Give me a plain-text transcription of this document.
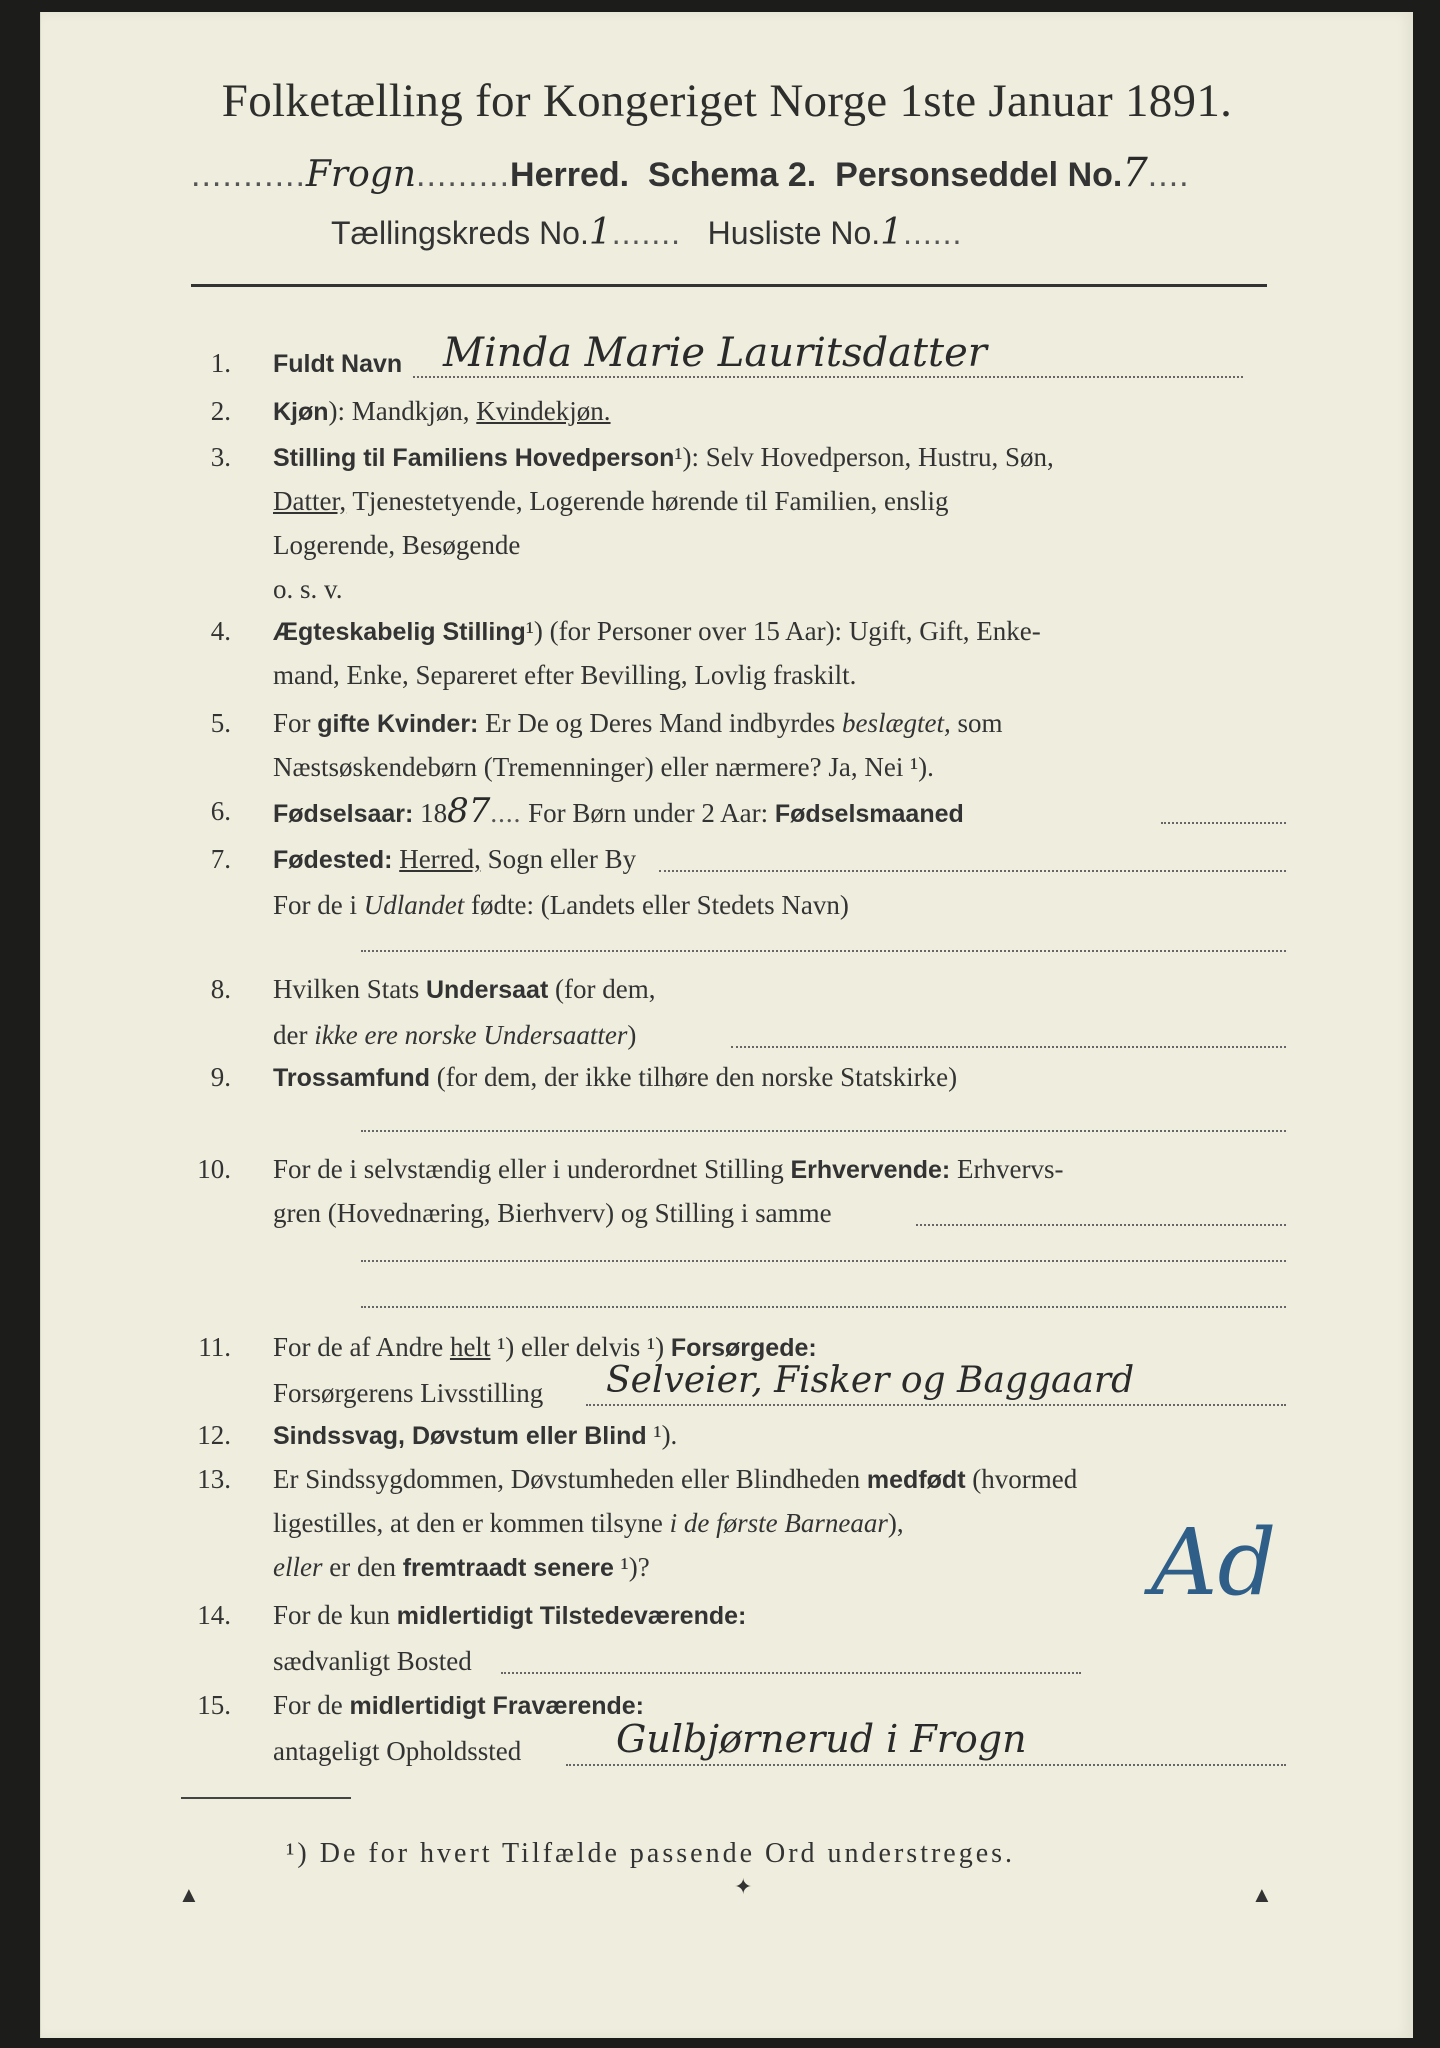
Folketælling for Kongeriget Norge 1ste Januar 1891.
...........Frogn.........Herred. Schema 2. Personseddel No.7....
Tællingskreds No.1....... Husliste No.1......
1. Fuldt Navn	Minda Marie Lauritsdatter
2. Kjøn): Mandkjøn, Kvindekjøn.
3. Stilling til Familiens Hovedperson¹): Selv Hovedperson, Hustru, Søn,
Datter, Tjenestetyende, Logerende hørende til Familien, enslig
Logerende, Besøgende
o. s. v.
4. Ægteskabelig Stilling¹) (for Personer over 15 Aar): Ugift, Gift, Enke-
mand, Enke, Separeret efter Bevilling, Lovlig fraskilt.
5. For gifte Kvinder: Er De og Deres Mand indbyrdes beslægtet, som
Næstsøskendebørn (Tremenninger) eller nærmere? Ja, Nei ¹).
6. Fødselsaar: 1887.... For Børn under 2 Aar: Fødselsmaaned
7. Fødested: Herred, Sogn eller By
For de i Udlandet fødte: (Landets eller Stedets Navn)
8. Hvilken Stats Undersaat (for dem,
der ikke ere norske Undersaatter)
9. Trossamfund (for dem, der ikke tilhøre den norske Statskirke)
10. For de i selvstændig eller i underordnet Stilling Erhvervende: Erhvervs-
gren (Hovednæring, Bierhverv) og Stilling i samme
11. For de af Andre helt ¹) eller delvis ¹) Forsørgede:
Forsørgerens Livsstilling	Selveier, Fisker og Baggaard
12. Sindssvag, Døvstum eller Blind ¹).
13. Er Sindssygdommen, Døvstumheden eller Blindheden medfødt (hvormed
ligestilles, at den er kommen tilsyne i de første Barneaar),
eller er den fremtraadt senere ¹)?	Ad
14. For de kun midlertidigt Tilstedeværende:
sædvanligt Bosted
15. For de midlertidigt Fraværende:
antageligt Opholdssted	Gulbjørnerud i Frogn
¹) De for hvert Tilfælde passende Ord understreges.
▲	✦	▲
